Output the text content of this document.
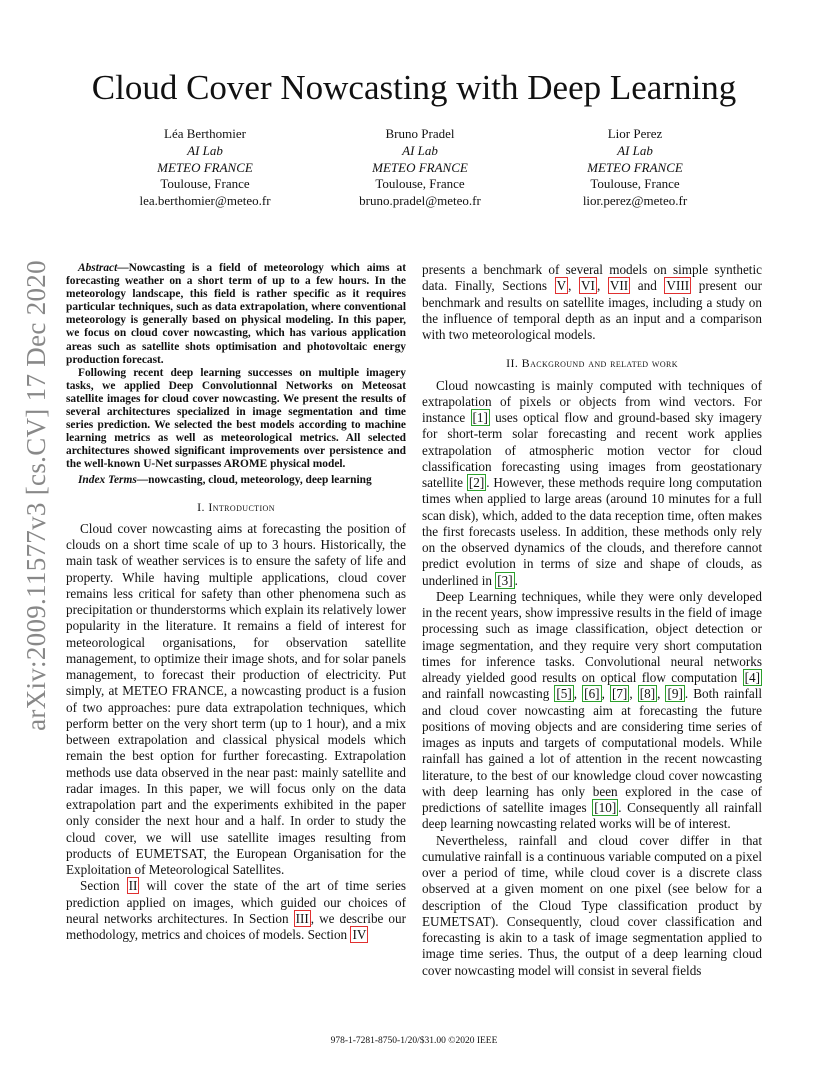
arXiv:2009.11577v3 [cs.CV] 17 Dec 2020
Cloud Cover Nowcasting with Deep Learning
Léa Berthomier
AI Lab
METEO FRANCE
Toulouse, France
lea.berthomier@meteo.fr
Bruno Pradel
AI Lab
METEO FRANCE
Toulouse, France
bruno.pradel@meteo.fr
Lior Perez
AI Lab
METEO FRANCE
Toulouse, France
lior.perez@meteo.fr

Abstract—Nowcasting is a field of meteorology which aims at forecasting weather on a short term of up to a few hours. In the meteorology landscape, this field is rather specific as it requires particular techniques, such as data extrapolation, where conventional meteorology is generally based on physical modeling. In this paper, we focus on cloud cover nowcasting, which has various application areas such as satellite shots optimisation and photovoltaic energy production forecast.

Following recent deep learning successes on multiple imagery tasks, we applied Deep Convolutionnal Networks on Meteosat satellite images for cloud cover nowcasting. We present the results of several architectures specialized in image segmentation and time series prediction. We selected the best models according to machine learning metrics as well as meteorological metrics. All selected architectures showed significant improvements over persistence and the well-known U-Net surpasses AROME physical model.

Index Terms—nowcasting, cloud, meteorology, deep learning

I. Introduction

Cloud cover nowcasting aims at forecasting the position of clouds on a short time scale of up to 3 hours. Historically, the main task of weather services is to ensure the safety of life and property. While having multiple applications, cloud cover remains less critical for safety than other phenomena such as precipitation or thunderstorms which explain its relatively lower popularity in the literature. It remains a field of interest for meteorological organisations, for observation satellite management, to optimize their image shots, and for solar panels management, to forecast their production of electricity. Put simply, at METEO FRANCE, a nowcasting product is a fusion of two approaches: pure data extrapolation techniques, which perform better on the very short term (up to 1 hour), and a mix between extrapolation and classical physical models which remain the best option for further forecasting. Extrapolation methods use data observed in the near past: mainly satellite and radar images. In this paper, we will focus only on the data extrapolation part and the experiments exhibited in the paper only consider the next hour and a half. In order to study the cloud cover, we will use satellite images resulting from products of EUMETSAT, the European Organisation for the Exploitation of Meteorological Satellites.

Section II will cover the state of the art of time series prediction applied on images, which guided our choices of neural networks architectures. In Section III , we describe our methodology, metrics and choices of models. Section IV

presents a benchmark of several models on simple synthetic data. Finally, Sections V , VI , VII and VIII present our benchmark and results on satellite images, including a study on the influence of temporal depth as an input and a comparison with two meteorological models.

II. Background and related work

Cloud nowcasting is mainly computed with techniques of extrapolation of pixels or objects from wind vectors. For instance [1] uses optical flow and ground-based sky imagery for short-term solar forecasting and recent work applies extrapolation of atmospheric motion vector for cloud classification forecasting using images from geostationary satellite [2] . However, these methods require long computation times when applied to large areas (around 10 minutes for a full scan disk), which, added to the data reception time, often makes the first forecasts useless. In addition, these methods only rely on the observed dynamics of the clouds, and therefore cannot predict evolution in terms of size and shape of clouds, as underlined in [3] .

Deep Learning techniques, while they were only developed in the recent years, show impressive results in the field of image processing such as image classification, object detection or image segmentation, and they require very short computation times for inference tasks. Convolutional neural networks already yielded good results on optical flow computation [4] and rainfall nowcasting [5] , [6] , [7] , [8] , [9] . Both rainfall and cloud cover nowcasting aim at forecasting the future positions of moving objects and are considering time series of images as inputs and targets of computational models. While rainfall has gained a lot of attention in the recent nowcasting literature, to the best of our knowledge cloud cover nowcasting with deep learning has only been explored in the case of predictions of satellite images [10] . Consequently all rainfall deep learning nowcasting related works will be of interest.

Nevertheless, rainfall and cloud cover differ in that cumulative rainfall is a continuous variable computed on a pixel over a period of time, while cloud cover is a discrete class observed at a given moment on one pixel (see below for a description of the Cloud Type classification product by EUMETSAT). Consequently, cloud cover classification and forecasting is akin to a task of image segmentation applied to image time series. Thus, the output of a deep learning cloud cover nowcasting model will consist in several fields

978-1-7281-8750-1/20/$31.00 ©2020 IEEE
